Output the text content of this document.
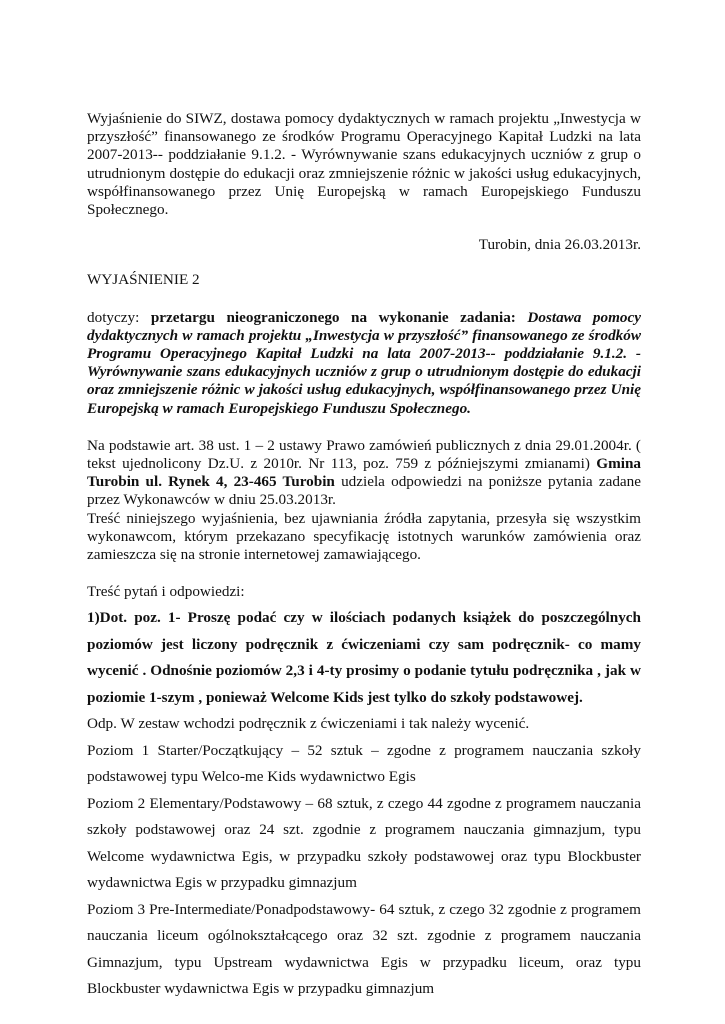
Wyjaśnienie do SIWZ, dostawa pomocy dydaktycznych w ramach projektu „Inwestycja w przyszłość” finansowanego ze środków Programu Operacyjnego Kapitał Ludzki na lata 2007-2013-- poddziałanie 9.1.2. - Wyrównywanie szans edukacyjnych uczniów z grup o utrudnionym dostępie do edukacji oraz zmniejszenie różnic w jakości usług edukacyjnych, współfinansowanego przez Unię Europejską w ramach Europejskiego Funduszu Społecznego.

Turobin, dnia 26.03.2013r.

WYJAŚNIENIE 2

dotyczy: przetargu nieograniczonego na wykonanie zadania: Dostawa pomocy dydaktycznych w ramach projektu „Inwestycja w przyszłość” finansowanego ze środków Programu Operacyjnego Kapitał Ludzki na lata 2007-2013-- poddziałanie 9.1.2. - Wyrównywanie szans edukacyjnych uczniów z grup o utrudnionym dostępie do edukacji oraz zmniejszenie różnic w jakości usług edukacyjnych, współfinansowanego przez Unię Europejską w ramach Europejskiego Funduszu Społecznego.

Na podstawie art. 38 ust. 1 – 2 ustawy Prawo zamówień publicznych z dnia 29.01.2004r. ( tekst ujednolicony Dz.U. z 2010r. Nr 113, poz. 759 z późniejszymi zmianami) Gmina Turobin ul. Rynek 4, 23-465 Turobin udziela odpowiedzi na poniższe pytania zadane przez Wykonawców w dniu 25.03.2013r.

Treść niniejszego wyjaśnienia, bez ujawniania źródła zapytania, przesyła się wszystkim wykonawcom, którym przekazano specyfikację istotnych warunków zamówienia oraz zamieszcza się na stronie internetowej zamawiającego.

Treść pytań i odpowiedzi:

1)Dot. poz. 1- Proszę podać czy w ilościach podanych książek do poszczególnych poziomów jest liczony podręcznik z ćwiczeniami czy sam podręcznik- co mamy wycenić . Odnośnie poziomów 2,3 i 4-ty prosimy o podanie tytułu podręcznika , jak w poziomie 1-szym , ponieważ Welcome Kids jest tylko do szkoły podstawowej.

Odp. W zestaw wchodzi podręcznik z ćwiczeniami i tak należy wycenić.

Poziom 1 Starter/Początkujący – 52 sztuk – zgodne z programem nauczania szkoły podstawowej typu Welco-me Kids wydawnictwo Egis

Poziom 2 Elementary/Podstawowy – 68 sztuk, z czego 44 zgodne z programem nauczania szkoły podstawowej oraz 24 szt. zgodnie z programem nauczania gimnazjum, typu Welcome wydawnictwa Egis, w przypadku szkoły podstawowej oraz typu Blockbuster wydawnictwa Egis w przypadku gimnazjum

Poziom 3 Pre-Intermediate/Ponadpodstawowy- 64 sztuk, z czego 32 zgodnie z programem nauczania liceum ogólnokształcącego oraz 32 szt. zgodnie z programem nauczania Gimnazjum, typu Upstream wydawnictwa Egis w przypadku liceum, oraz typu Blockbuster wydawnictwa Egis w przypadku gimnazjum
